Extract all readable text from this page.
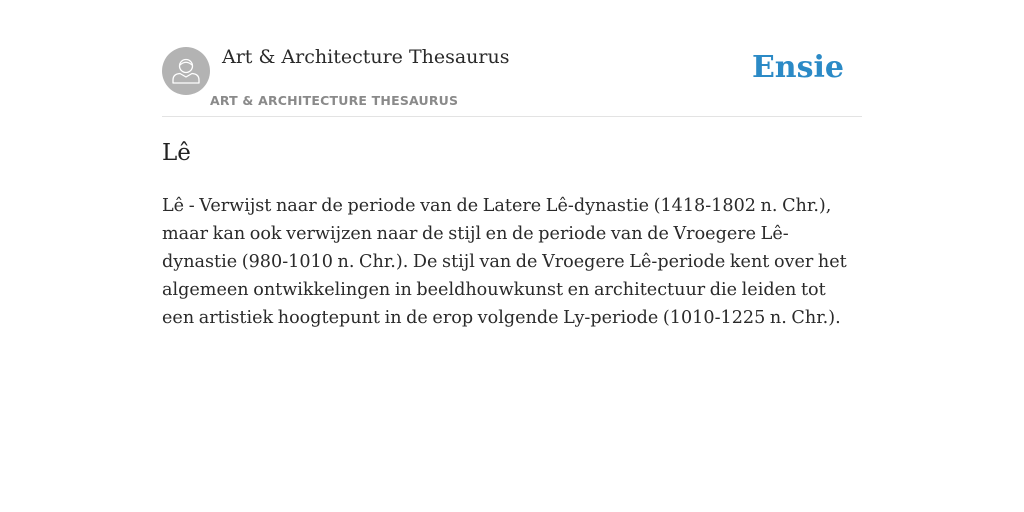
Art & Architecture Thesaurus
ART & ARCHITECTURE THESAURUS
Ensie
Lê

Lê - Verwijst naar de periode van de Latere Lê-dynastie (1418-1802 n. Chr.), maar kan ook verwijzen naar de stijl en de periode van de Vroegere Lê-dynastie (980-1010 n. Chr.). De stijl van de Vroegere Lê-periode kent over het algemeen ontwikkelingen in beeldhouwkunst en architectuur die leiden tot een artistiek hoogtepunt in de erop volgende Ly-periode (1010-1225 n. Chr.).
